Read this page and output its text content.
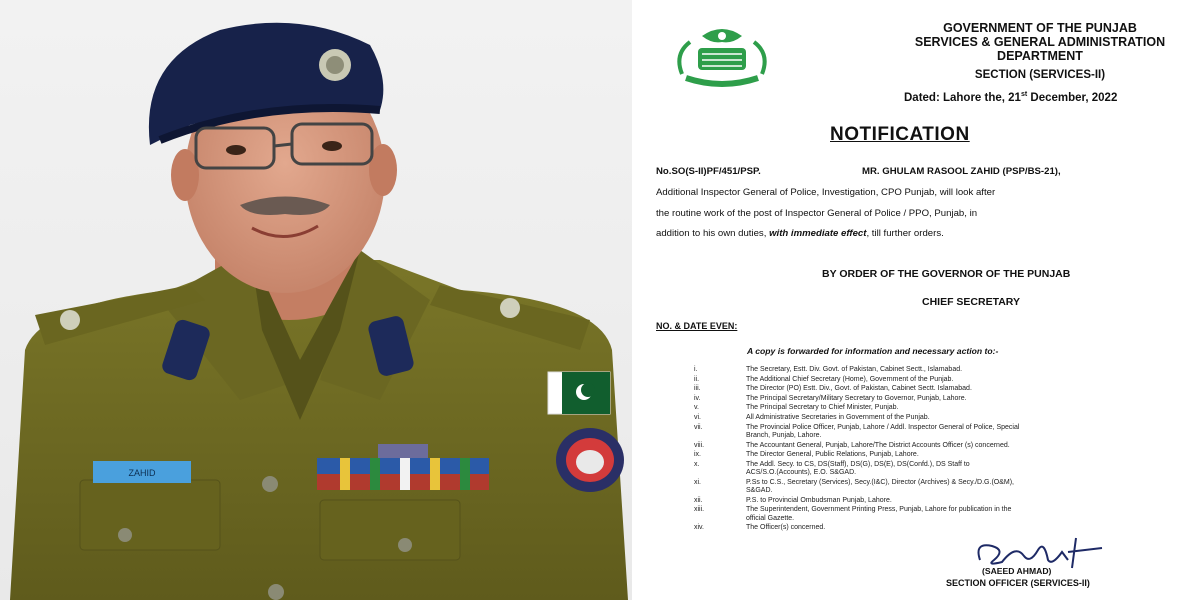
ZAHID
GOVERNMENT OF THE PUNJAB
SERVICES & GENERAL ADMINISTRATION
DEPARTMENT
SECTION (SERVICES-II)
Dated: Lahore the, 21st December, 2022
NOTIFICATION
No.SO(S-II)PF/451/PSP.	MR. GHULAM RASOOL ZAHID (PSP/BS-21),
Additional Inspector General of Police, Investigation, CPO Punjab, will look after
the routine work of the post of Inspector General of Police / PPO, Punjab, in
addition to his own duties, with immediate effect, till further orders.
BY ORDER OF THE GOVERNOR OF THE PUNJAB
CHIEF SECRETARY
NO. & DATE EVEN:
A copy is forwarded for information and necessary action to:-
(SAEED AHMAD)
SECTION OFFICER (SERVICES-II)
i.	The Secretary, Estt. Div. Govt. of Pakistan, Cabinet Sectt., Islamabad.
ii.	The Additional Chief Secretary (Home), Government of the Punjab.
iii.	The Director (PO) Estt. Div., Govt. of Pakistan, Cabinet Sectt. Islamabad.
iv.	The Principal Secretary/Military Secretary to Governor, Punjab, Lahore.
v.	The Principal Secretary to Chief Minister, Punjab.
vi.	All Administrative Secretaries in Government of the Punjab.
vii.	The Provincial Police Officer, Punjab, Lahore / Addl. Inspector General of Police, Special
Branch, Punjab, Lahore.
viii.	The Accountant General, Punjab, Lahore/The District Accounts Officer (s) concerned.
ix.	The Director General, Public Relations, Punjab, Lahore.
x.	The Addl. Secy. to CS, DS(Staff), DS(G), DS(E), DS(Confd.), DS Staff to
ACS/S.O.(Accounts), E.O. S&GAD.
xi.	P.Ss to C.S., Secretary (Services), Secy.(I&C), Director (Archives) & Secy./D.G.(O&M),
S&GAD.
xii.	P.S. to Provincial Ombudsman Punjab, Lahore.
xiii.	The Superintendent, Government Printing Press, Punjab, Lahore for publication in the
official Gazette.
xiv.	The Officer(s) concerned.
